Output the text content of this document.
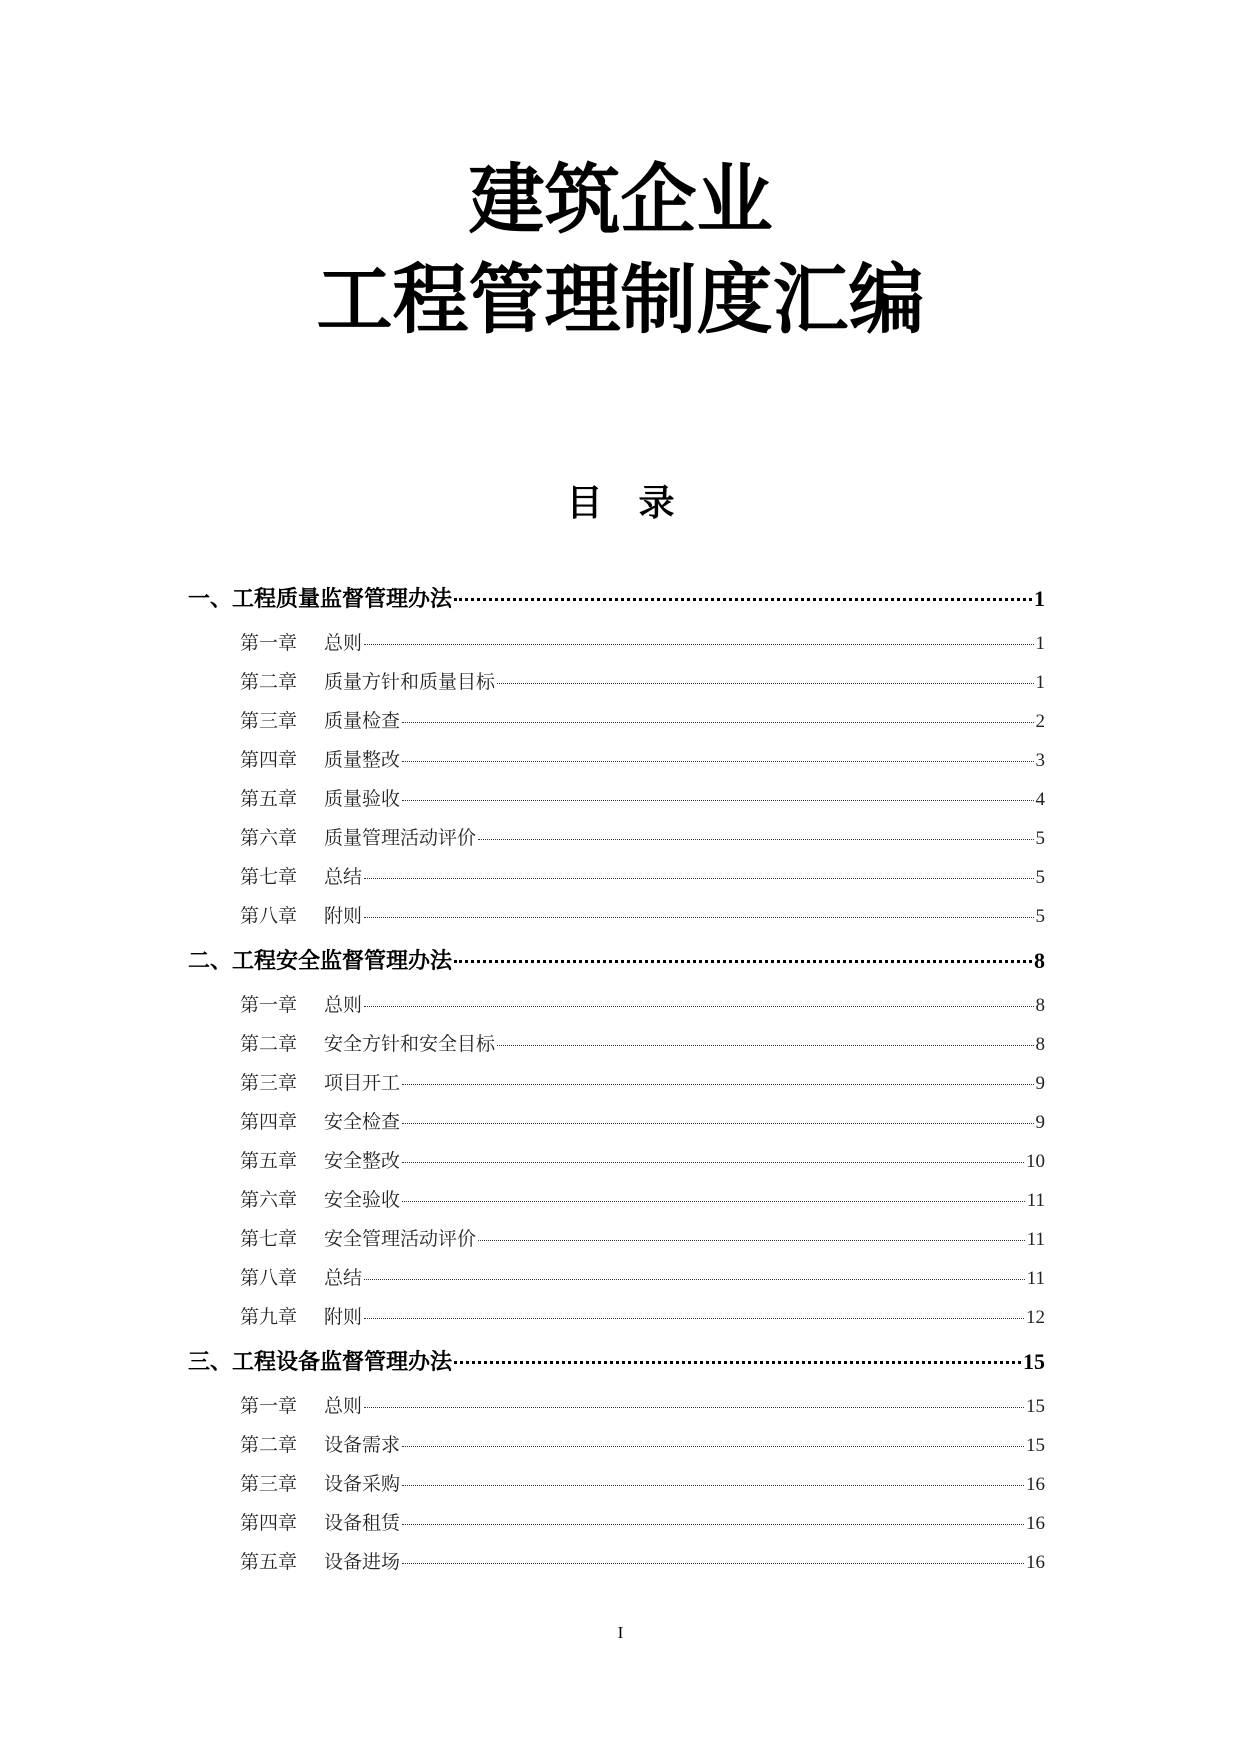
建筑企业
工程管理制度汇编
目录
一、工程质量监督管理办法	1
第一章	总则	1
第二章	质量方针和质量目标	1
第三章	质量检查	2
第四章	质量整改	3
第五章	质量验收	4
第六章	质量管理活动评价	5
第七章	总结	5
第八章	附则	5
二、工程安全监督管理办法	8
第一章	总则	8
第二章	安全方针和安全目标	8
第三章	项目开工	9
第四章	安全检查	9
第五章	安全整改	10
第六章	安全验收	11
第七章	安全管理活动评价	11
第八章	总结	11
第九章	附则	12
三、工程设备监督管理办法	15
第一章	总则	15
第二章	设备需求	15
第三章	设备采购	16
第四章	设备租赁	16
第五章	设备进场	16
I
